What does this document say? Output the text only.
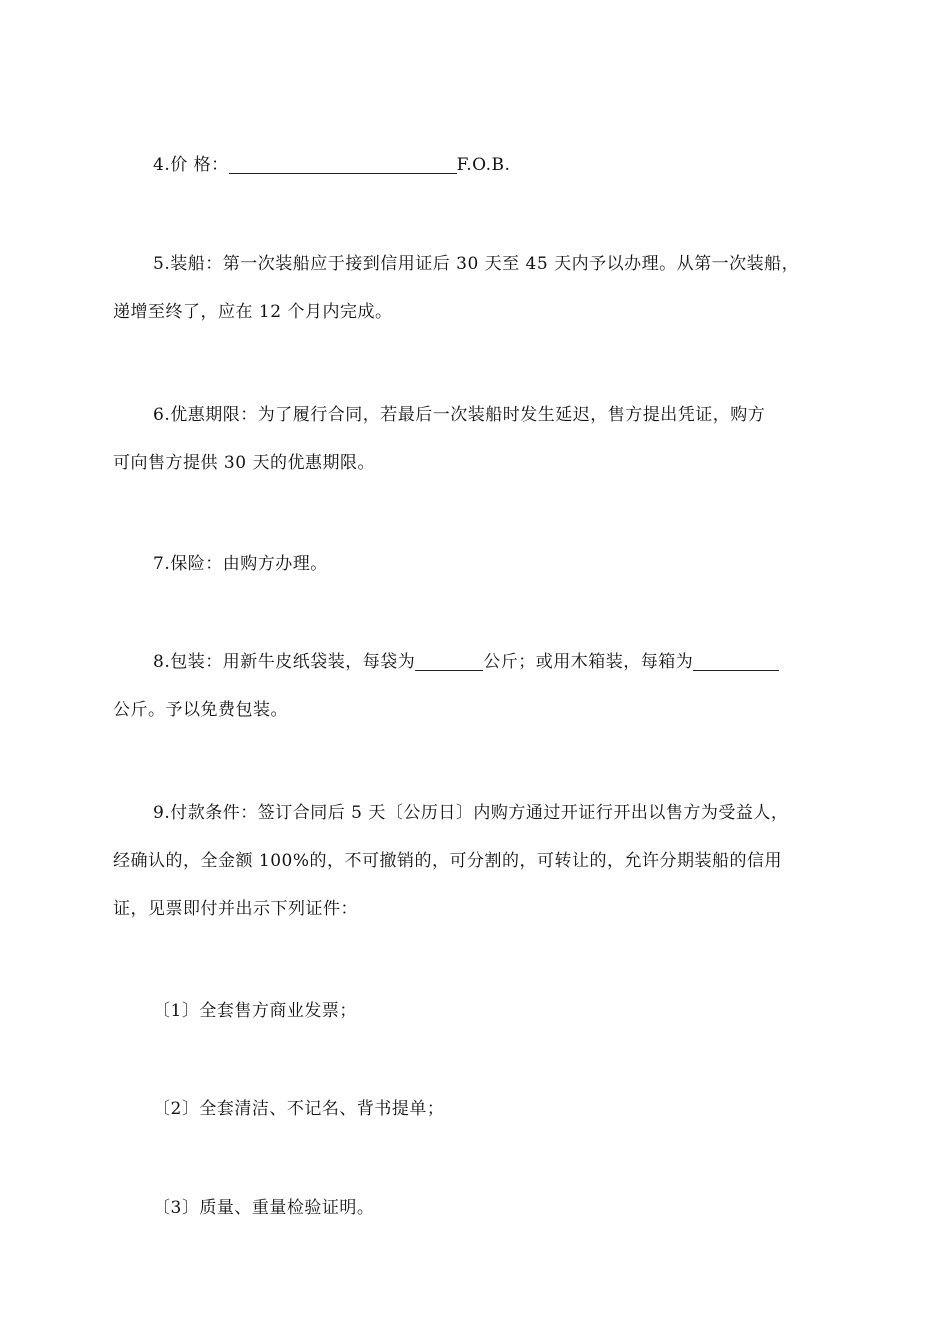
4.价 格：	F.O.B.

5.装船：第一次装船应于接到信用证后 30 天至 45 天内予以办理。从第一次装船，
递增至终了，应在 12 个月内完成。

6.优惠期限：为了履行合同，若最后一次装船时发生延迟，售方提出凭证，购方
可向售方提供 30 天的优惠期限。

7.保险：由购方办理。

8.包装：用新牛皮纸袋装，每袋为	公斤；或用木箱装，每箱为
公斤。予以免费包装。

9.付款条件：签订合同后 5 天〔公历日〕内购方通过开证行开出以售方为受益人，
经确认的，全金额 100%的，不可撤销的，可分割的，可转让的，允许分期装船的信用
证，见票即付并出示下列证件：

〔1〕全套售方商业发票；

〔2〕全套清洁、不记名、背书提单；

〔3〕质量、重量检验证明。
